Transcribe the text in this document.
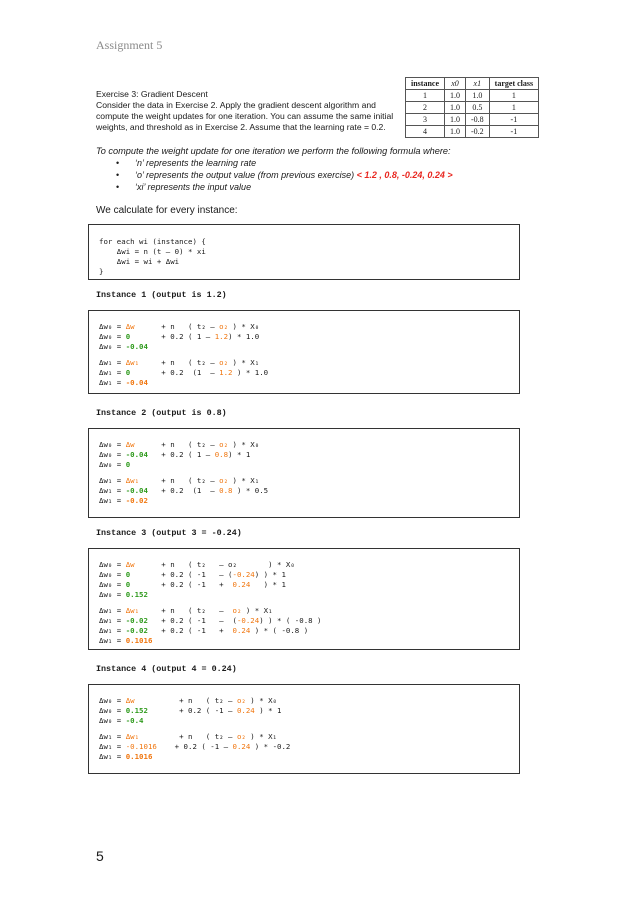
Assignment 5
Exercise 3: Gradient Descent
Consider the data in Exercise 2. Apply the gradient descent algorithm and
compute the weight updates for one iteration. You can assume the same initial
weights, and threshold as in Exercise 2. Assume that the learning rate = 0.2.
instance	x0	x1	target class
1	1.0	1.0	1
2	1.0	0.5	1
3	1.0	-0.8	-1
4	1.0	-0.2	-1
To compute the weight update for one iteration we perform the following formula where:
• ‘n’ represents the learning rate
• ‘o’ represents the output value (from previous exercise) < 1.2 , 0.8, -0.24, 0.24 >
• ‘xi’ represents the input value
We calculate for every instance:
for each wi (instance) {
Δwi = n (t – 0) * xi
Δwi = wi + Δwi
}
Instance 1 (output is 1.2)
Δw₀ = Δw      + n   ( t₂ – o₂ ) * X₀
Δw₀ = 0       + 0.2 ( 1 – 1.2) * 1.0
Δw₀ = -0.04
Δw₁ = Δw₁     + n   ( t₂ – o₂ ) * X₁
Δw₁ = 0       + 0.2  (1  – 1.2 ) * 1.0
Δw₁ = -0.04
Instance 2 (output is 0.8)
Δw₀ = Δw      + n   ( t₂ – o₂ ) * X₀
Δw₀ = -0.04   + 0.2 ( 1 – 0.8) * 1
Δw₀ = 0
Δw₁ = Δw₁     + n   ( t₂ – o₂ ) * X₁
Δw₁ = -0.04   + 0.2  (1  – 0.8 ) * 0.5
Δw₁ = -0.02
Instance 3 (output 3 = -0.24)
Δw₀ = Δw      + n   ( t₂   – o₂       ) * X₀
Δw₀ = 0       + 0.2 ( -1   – (-0.24) ) * 1
Δw₀ = 0       + 0.2 ( -1   +  0.24   ) * 1
Δw₀ = 0.152
Δw₁ = Δw₁     + n   ( t₂   –  o₂ ) * X₁
Δw₁ = -0.02   + 0.2 ( -1   –  (-0.24) ) * ( -0.8 )
Δw₁ = -0.02   + 0.2 ( -1   +  0.24 ) * ( -0.8 )
Δw₁ = 0.1016
Instance 4 (output 4 = 0.24)
Δw₀ = Δw          + n   ( t₂ – o₂ ) * X₀
Δw₀ = 0.152       + 0.2 ( -1 – 0.24 ) * 1
Δw₀ = -0.4
Δw₁ = Δw₁         + n   ( t₂ – o₂ ) * X₁
Δw₁ = -0.1016    + 0.2 ( -1 – 0.24 ) * -0.2
Δw₁ = 0.1016
5
